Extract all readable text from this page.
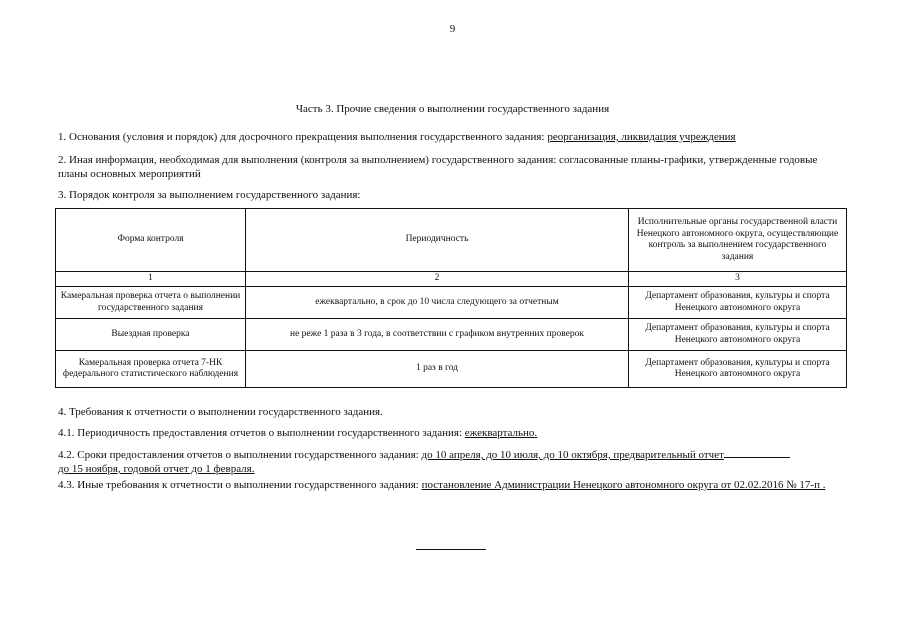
9
Часть 3. Прочие сведения о выполнении государственного задания
1. Основания (условия и порядок) для досрочного прекращения выполнения государственного задания: реорганизация, ликвидация учреждения
2. Иная информация, необходимая для выполнения (контроля за выполнением) государственного задания: согласованные планы-графики, утвержденные годовые планы основных мероприятий
3. Порядок контроля за выполнением государственного задания:
Форма контроля	Периодичность	Исполнительные органы государственной власти Ненецкого автономного округа, осуществляющие контроль за выполнением государственного задания
1	2	3
Камеральная проверка отчета о выполнении государственного задания	ежеквартально, в срок до 10 числа следующего за отчетным	Департамент образования, культуры и спорта Ненецкого автономного округа
Выездная проверка	не реже 1 раза в 3 года, в соответствии с графиком внутренних проверок	Департамент образования, культуры и спорта Ненецкого автономного округа
Камеральная проверка отчета 7-НК федерального статистического наблюдения	1 раз в год	Департамент образования, культуры и спорта Ненецкого автономного округа
4. Требования к отчетности о выполнении государственного задания.
4.1. Периодичность предоставления отчетов о выполнении государственного задания: ежеквартально.
4.2. Сроки предоставления отчетов о выполнении государственного задания: до 10 апреля, до 10 июля, до 10 октября, предварительный отчет
до 15 ноября, годовой отчет до 1 февраля.
4.3. Иные требования к отчетности о выполнении государственного задания: постановление Администрации Ненецкого автономного округа от 02.02.2016 № 17-п .
